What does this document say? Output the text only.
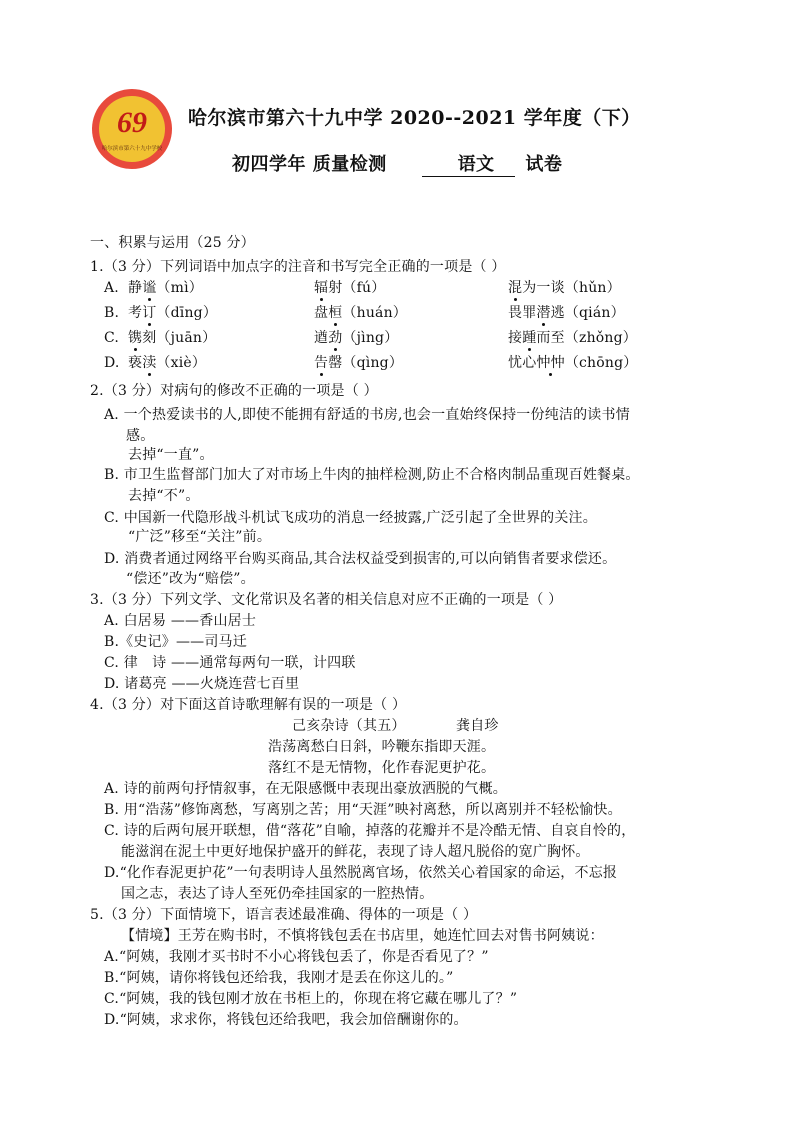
69
哈尔滨市第六十九中学校
哈尔滨市第六十九中学 2020--2021 学年度（下）
初四学年 质量检测	语文 试卷
一、积累与运用（25 分）
1.（3 分）下列词语中加点字的注音和书写完全正确的一项是（ ）
A. 静谧（mì）	辐射（fú）	混为一谈（hǔn）
B. 考订（dīng）	盘桓（huán）	畏罪潜逃（qián）
C. 镌刻（juān）	遒劲（jìng）	接踵而至（zhǒng）
D. 亵渎（xiè）	告罄（qìng）	忧心忡忡（chōng）
2.（3 分）对病句的修改不正确的一项是（ ）
A. 一个热爱读书的人,即使不能拥有舒适的书房,也会一直始终保持一份纯洁的读书情
感。
去掉“一直”。
B. 市卫生监督部门加大了对市场上牛肉的抽样检测,防止不合格肉制品重现百姓餐桌。
去掉“不”。
C. 中国新一代隐形战斗机试飞成功的消息一经披露,广泛引起了全世界的关注。
“广泛”移至“关注”前。
D. 消费者通过网络平台购买商品,其合法权益受到损害的,可以向销售者要求偿还。
“偿还”改为“赔偿”。
3.（3 分）下列文学、文化常识及名著的相关信息对应不正确的一项是（ ）
A. 白居易 ——香山居士
B.《史记》——司马迁
C. 律　诗 ——通常每两句一联，计四联
D. 诸葛亮 ——火烧连营七百里
4.（3 分）对下面这首诗歌理解有误的一项是（ ）
己亥杂诗（其五）	龚自珍
浩荡离愁白日斜，吟鞭东指即天涯。
落红不是无情物，化作春泥更护花。
A. 诗的前两句抒情叙事，在无限感慨中表现出豪放洒脱的气概。
B. 用“浩荡”修饰离愁，写离别之苦；用“天涯”映衬离愁，所以离别并不轻松愉快。
C. 诗的后两句展开联想，借“落花”自喻，掉落的花瓣并不是冷酷无情、自哀自怜的，
能滋润在泥土中更好地保护盛开的鲜花，表现了诗人超凡脱俗的宽广胸怀。
D.“化作春泥更护花”一句表明诗人虽然脱离官场，依然关心着国家的命运，不忘报
国之志，表达了诗人至死仍牵挂国家的一腔热情。
5.（3 分）下面情境下，语言表述最准确、得体的一项是（ ）
【情境】王芳在购书时，不慎将钱包丢在书店里，她连忙回去对售书阿姨说：
A.“阿姨，我刚才买书时不小心将钱包丢了，你是否看见了？”
B.“阿姨，请你将钱包还给我，我刚才是丢在你这儿的。”
C.“阿姨，我的钱包刚才放在书柜上的，你现在将它藏在哪儿了？”
D.“阿姨，求求你，将钱包还给我吧，我会加倍酬谢你的。
